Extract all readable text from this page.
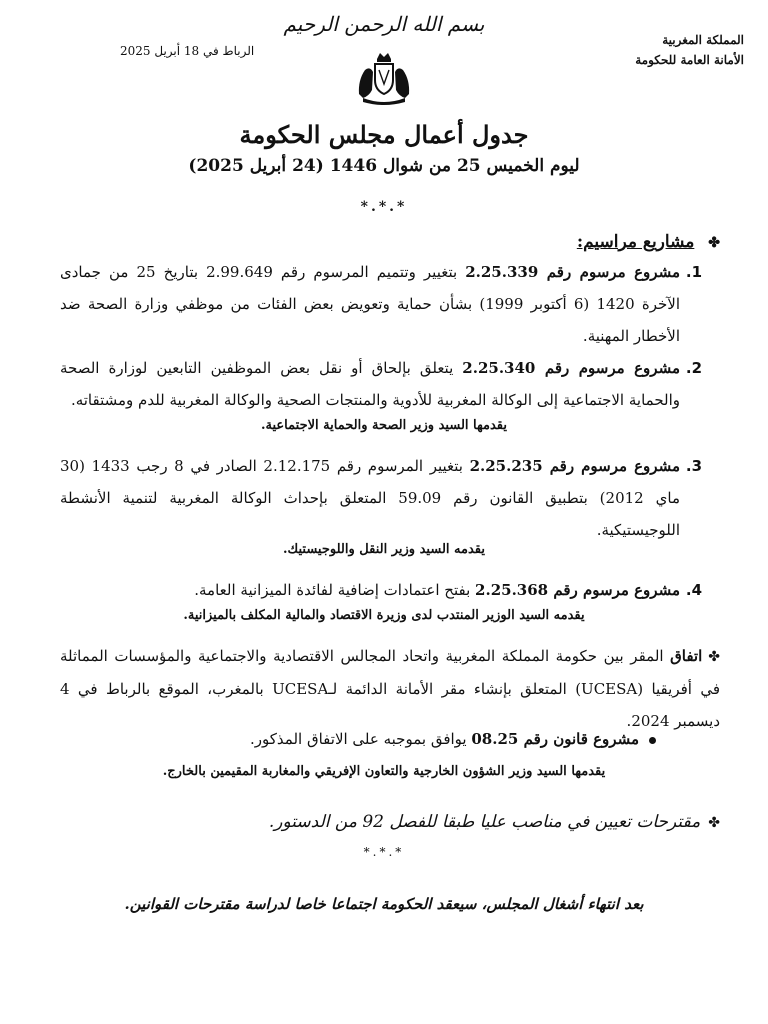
بسم الله الرحمن الرحيم
المملكة المغربية
الأمانة العامة للحكومة
الرباط في 18 أبريل 2025
جدول أعمال مجلس الحكومة
ليوم الخميس 25 من شوال 1446 (24 أبريل 2025)
*.*.*
✤ مشاريع مراسيم:
1.
مشروع مرسوم رقم 2.25.339 بتغيير وتتميم المرسوم رقم 2.99.649 بتاريخ 25 من جمادى الآخرة 1420 (6 أكتوبر 1999) بشأن حماية وتعويض بعض الفئات من موظفي وزارة الصحة ضد الأخطار المهنية.
2.
مشروع مرسوم رقم 2.25.340 يتعلق بإلحاق أو نقل بعض الموظفين التابعين لوزارة الصحة والحماية الاجتماعية إلى الوكالة المغربية للأدوية والمنتجات الصحية والوكالة المغربية للدم ومشتقاته.
يقدمها السيد وزير الصحة والحماية الاجتماعية.
3.
مشروع مرسوم رقم 2.25.235 بتغيير المرسوم رقم 2.12.175 الصادر في 8 رجب 1433 (30 ماي 2012) بتطبيق القانون رقم 59.09 المتعلق بإحداث الوكالة المغربية لتنمية الأنشطة اللوجيستيكية.
يقدمه السيد وزير النقل واللوجيستيك.
4.
مشروع مرسوم رقم 2.25.368 بفتح اعتمادات إضافية لفائدة الميزانية العامة.
يقدمه السيد الوزير المنتدب لدى وزيرة الاقتصاد والمالية المكلف بالميزانية.
✤اتفاق المقر بين حكومة المملكة المغربية واتحاد المجالس الاقتصادية والاجتماعية والمؤسسات المماثلة في أفريقيا (UCESA) المتعلق بإنشاء مقر الأمانة الدائمة لـUCESA بالمغرب، الموقع بالرباط في 4 ديسمبر 2024.
مشروع قانون رقم 08.25 يوافق بموجبه على الاتفاق المذكور.
يقدمها السيد وزير الشؤون الخارجية والتعاون الإفريقي والمغاربة المقيمين بالخارج.
✤مقترحات تعيين في مناصب عليا طبقا للفصل 92 من الدستور.
*.*.*
بعد انتهاء أشغال المجلس، سيعقد الحكومة اجتماعا خاصا لدراسة مقترحات القوانين.
